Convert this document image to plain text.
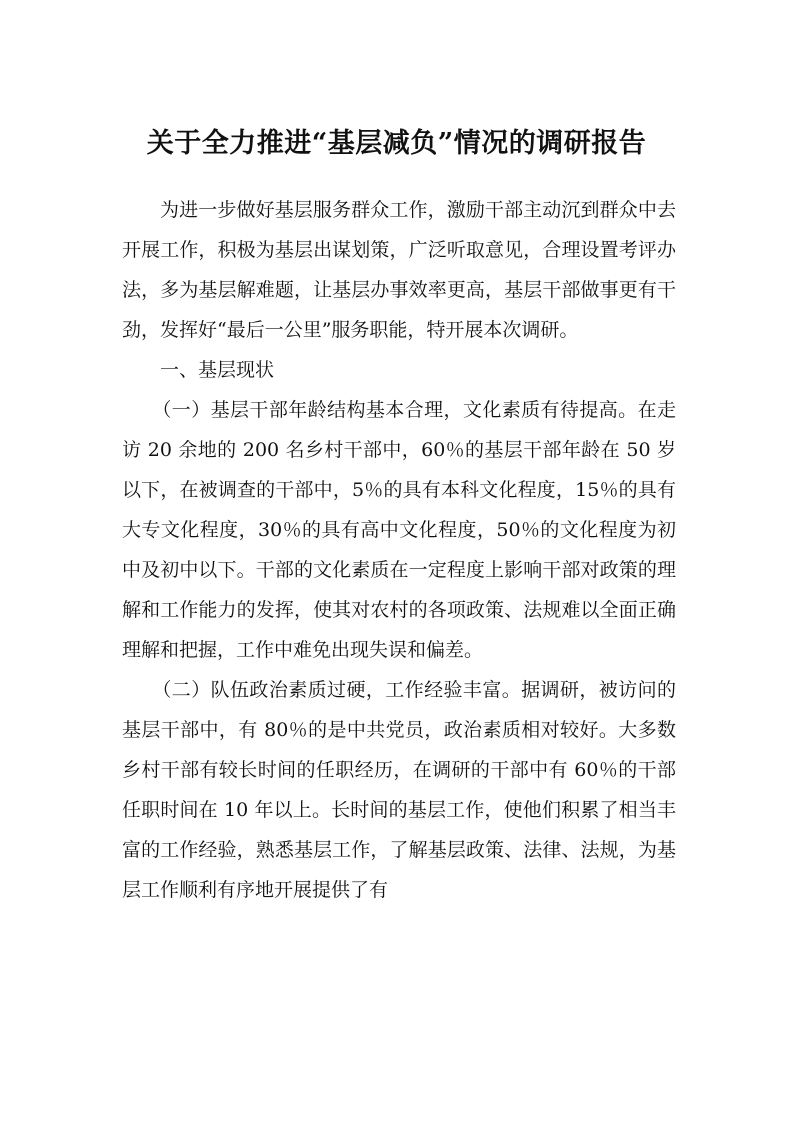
关于全力推进“基层减负”情况的调研报告

为进一步做好基层服务群众工作，激励干部主动沉到群众中去开展工作，积极为基层出谋划策，广泛听取意见，合理设置考评办法，多为基层解难题，让基层办事效率更高，基层干部做事更有干劲，发挥好“最后一公里”服务职能，特开展本次调研。

一、基层现状

（一）基层干部年龄结构基本合理，文化素质有待提高。在走访 20 余地的 200 名乡村干部中，60％的基层干部年龄在 50 岁以下，在被调查的干部中，5％的具有本科文化程度，15％的具有大专文化程度，30％的具有高中文化程度，50％的文化程度为初中及初中以下。干部的文化素质在一定程度上影响干部对政策的理解和工作能力的发挥，使其对农村的各项政策、法规难以全面正确理解和把握，工作中难免出现失误和偏差。

（二）队伍政治素质过硬，工作经验丰富。据调研，被访问的基层干部中，有 80％的是中共党员，政治素质相对较好。大多数乡村干部有较长时间的任职经历，在调研的干部中有 60％的干部任职时间在 10 年以上。长时间的基层工作，使他们积累了相当丰富的工作经验，熟悉基层工作，了解基层政策、法律、法规，为基层工作顺利有序地开展提供了有
